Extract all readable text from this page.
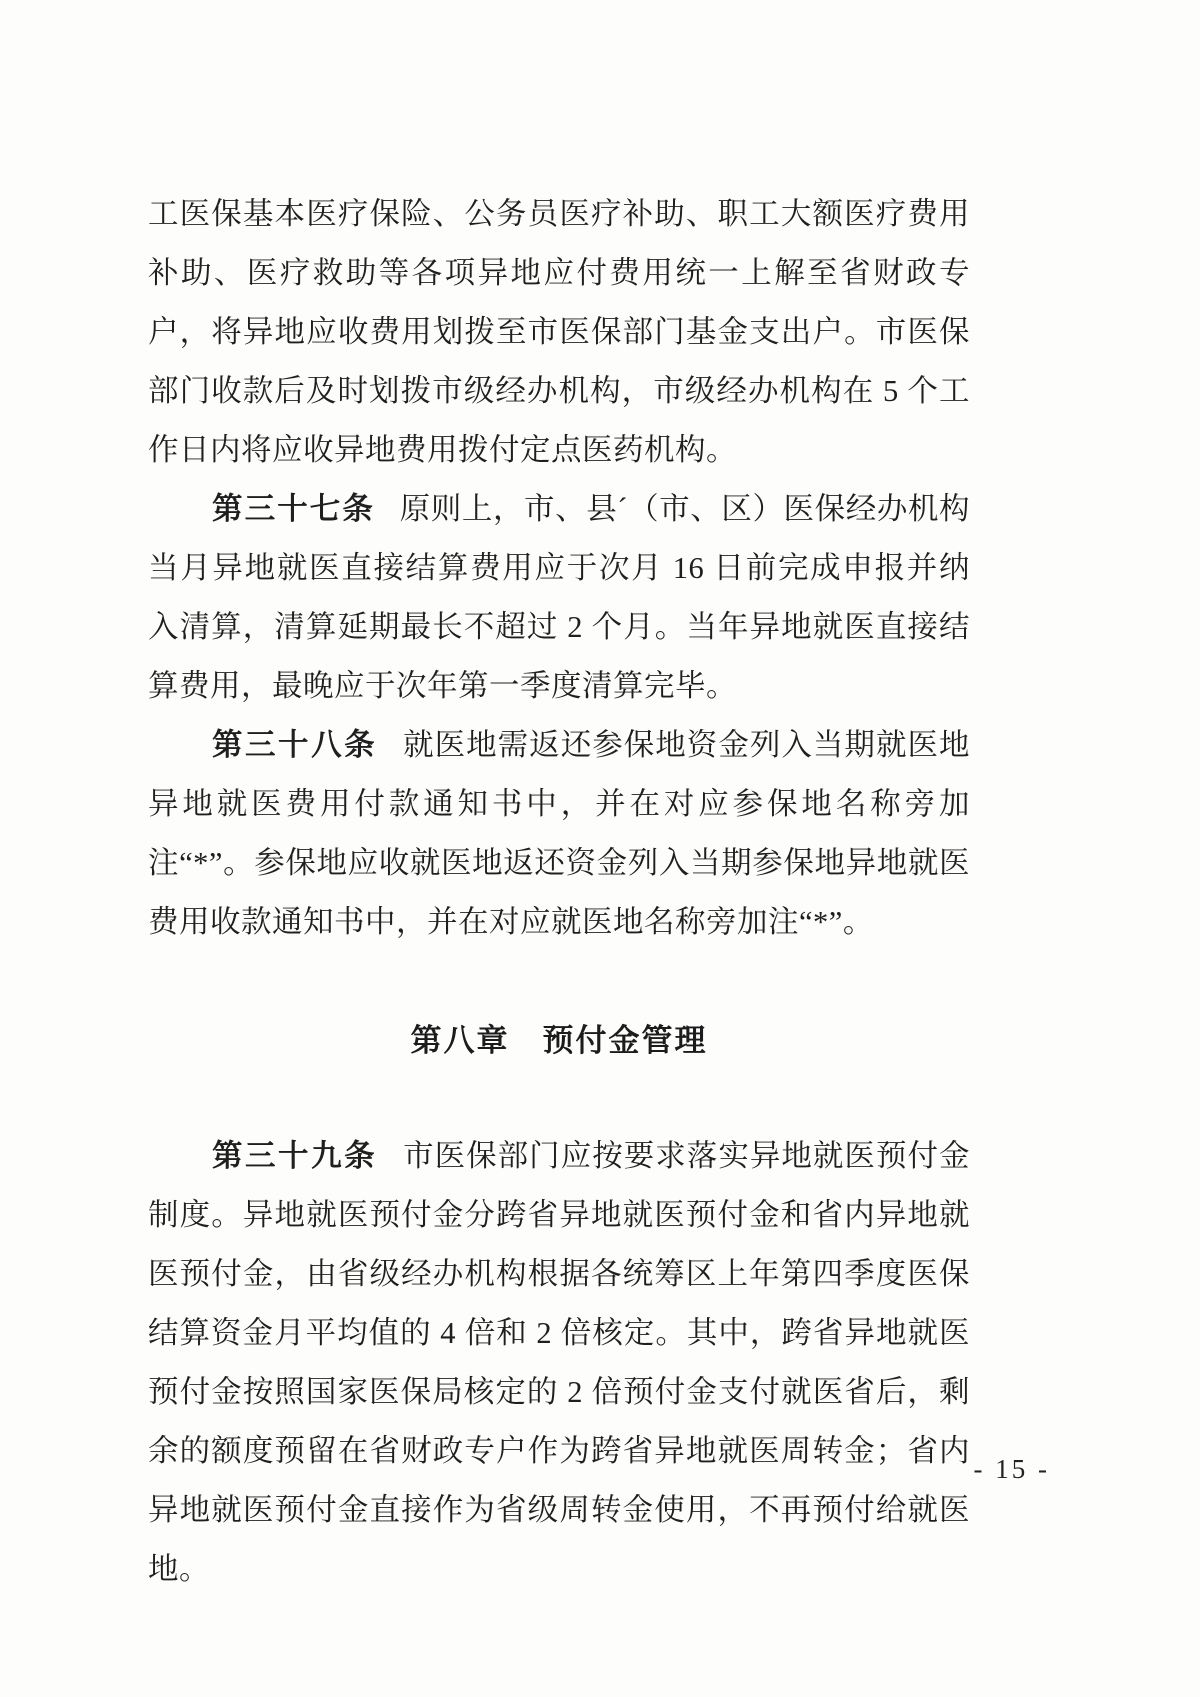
工医保基本医疗保险、公务员医疗补助、职工大额医疗费用补助、医疗救助等各项异地应付费用统一上解至省财政专户，将异地应收费用划拨至市医保部门基金支出户。市医保部门收款后及时划拨市级经办机构，市级经办机构在 5 个工作日内将应收异地费用拨付定点医药机构。

第三十七条 原则上，市、县ˊ（市、区）医保经办机构当月异地就医直接结算费用应于次月 16 日前完成申报并纳入清算，清算延期最长不超过 2 个月。当年异地就医直接结算费用，最晚应于次年第一季度清算完毕。

第三十八条 就医地需返还参保地资金列入当期就医地异地就医费用付款通知书中，并在对应参保地名称旁加注“*”。参保地应收就医地返还资金列入当期参保地异地就医费用收款通知书中，并在对应就医地名称旁加注“*”。

第八章　预付金管理

第三十九条 市医保部门应按要求落实异地就医预付金制度。异地就医预付金分跨省异地就医预付金和省内异地就医预付金，由省级经办机构根据各统筹区上年第四季度医保结算资金月平均值的 4 倍和 2 倍核定。其中，跨省异地就医预付金按照国家医保局核定的 2 倍预付金支付就医省后，剩余的额度预留在省财政专户作为跨省异地就医周转金；省内异地就医预付金直接作为省级周转金使用，不再预付给就医地。

- 15 -
